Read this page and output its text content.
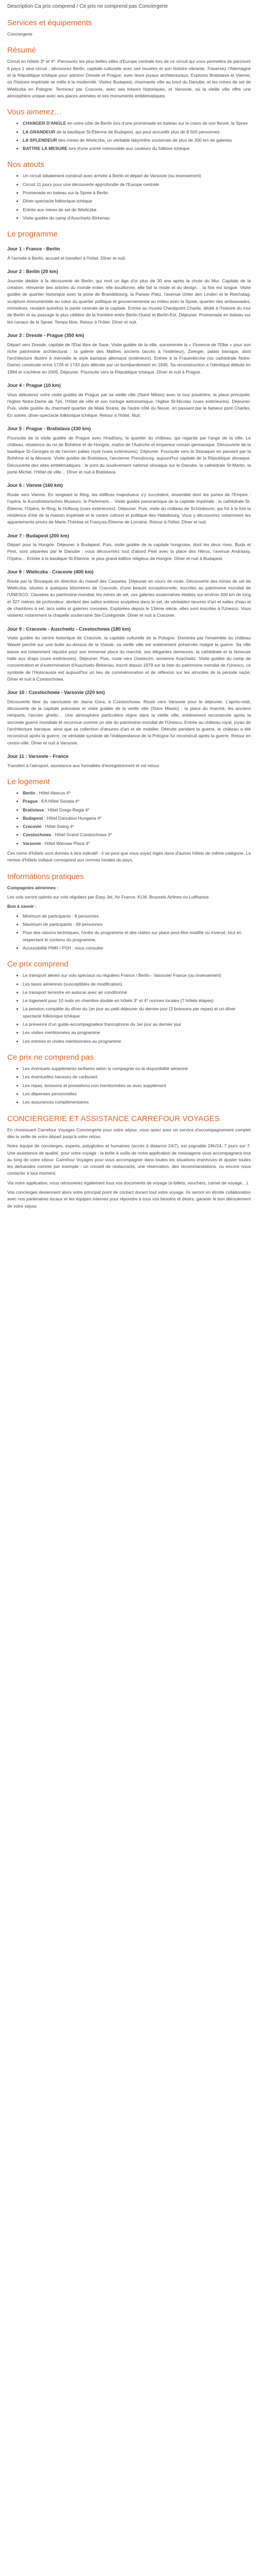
Description Ca pris comprend / Ce prix ne comprend pas Conciergerie
Services et équipements

Conciergerie

Résumé

Circuit en hôtels 3* et 4*. Parcourez les plus belles villes d'Europe centrale lors de ce circuit qui vous permettra de parcourir 6 pays 1 seul circuit ; découvrez Berlin, capitale culturelle avec ses musées et son histoire vibrante. Traversez l'Allemagne et la République tchèque pour admirer Dresde et Prague, avec leurs joyaux architecturaux. Explorez Bratislava et Vienne, où l'histoire impériale se mêle à la modernité. Visitez Budapest, charmante ville au bord du Danube, et les mines de sel de Wieliczka en Pologne. Terminez par Cracovie, avec ses trésors historiques, et Varsovie, où la vieille ville offre une atmosphère unique avec ses places animées et ses monuments emblématiques.

Vous aimerez…
• CHANGER D'ANGLE en votre-côte de Berlin lors d'une promenade en bateau sur le cours de son fleuve, la Spree
• LA GRANDEUR de la basilique St-Étienne de Budapest, qui peut accueillir plus de 8 500 personnes
• LA SPLENDEUR des mines de Wieliczka, un véritable labyrinthe souterrain de plus de 300 km de galeries
• BATTRE LA MESURE lors d'une soirée mémorable aux couleurs du folklore tchèque
Nos atouts
• Un circuit idéalement construit avec arrivée à Berlin et départ de Varsovie (ou inversement)
• Circuit 11 jours pour une découverte approfondie de l'Europe centrale
• Promenade en bateau sur la Spree à Berlin
• Dîner-spectacle folklorique tchèque
• Entrée aux mines de sel de Wieliczka
• Visite guidée du camp d'Auschwitz-Birkenau
Le programme
Jour 1 : France - Berlin

À l'arrivée à Berlin, accueil et transfert à l'hôtel. Dîner et nuit.

Jour 2 : Berlin (20 km)

Journée dédiée à la découverte de Berlin, qui revit un âge d'or plus de 30 ans après la chute du Mur. Capitale de la création, réinvente des artistes du monde entier, elle bouillonne, elle fait la mode et du design… la fois est longue. Visite guidée de quartier historique avec la porte de Brandebourg, la Pariser Platz, l'avenue Unter den Linden et le Reichstag, sculpture monumentale au cœur du quartier politique et gouvernemental au milieu avec la Spree, quartier des ambassades, ministères, rendant autrefois la partie centrale de la capitale. Entrée au musée Checkpoint Charlie, dédié à l'histoire du mur de Berlin et au passage le plus célèbre de la frontière entre Berlin-Ouest et Berlin-Est. Déjeuner. Promenade en bateau sur les canaux de la Spree. Temps libre. Retour à l'hôtel. Dîner et nuit.

Jour 3 : Dresde - Prague (350 km)

Départ vers Dresde, capitale de l'État libre de Saxe. Visite guidée de la ville, surnommée la « Florence de l'Elbe » pour son riche patrimoine architectural : la galerie des Maîtres anciens (accès à l'extérieur), Zwinger, palais baroque, dont l'architecture illustre à merveille le style baroque allemand (extérieurs). Entrée à la Frauenkirche (ou cathédrale Notre-Dame) construite entre 1726 et 1743 puis détruite par un bombardement en 1945. Sa reconstruction a l'identique débute en 1994 et s'achève en 2005. Déjeuner. Poursuite vers la République tchèque. Dîner et nuit à Prague.

Jour 4 : Prague (10 km)

Vous débuterez votre visite guidée de Prague par sa vieille ville (Staré Město) avec la tour poudrière, la place principale, l'église Notre-Dame de Týn, l'Hôtel de ville et son horloge astronomique, l'église St-Nicolas (vues extérieures). Déjeuner. Puis, visite guidée du charmant quartier de Malá Strana, de l'autre côté du fleuve, en passant par le fameux pont Charles. En soirée, dîner-spectacle folklorique tchèque. Retour à l'hôtel. Nuit.

Jour 5 : Prague - Bratislava (330 km)

Poursuite de la visite guidée de Prague avec Hradčany, le quartier du château, qui regarde par l'ange de la ville. Le château, résidence du roi de Bohême et de Hongrie, maître de l'Autriche et empereur romain germanique. Découverte de la basilique St-Georges et de l'ancien palais royal (vues extérieures). Déjeuner. Poursuite vers la Slovaquie en passant par la Bohême et la Moravie. Visite guidée de Bratislava, l'ancienne Pressbourg, aujourd'hui capitale de la République slovaque. Découverte des sites emblématiques : le pont du soulèvement national slovaque sur le Danube, la cathédrale St-Martin, la porte Michel, l'Hôtel de ville… Dîner et nuit à Bratislava.

Jour 6 : Vienne (160 km)

Route vers Vienne. En longeant le Ring, les édifices majestueux s'y succèdent, ensemble dont les portes de l'Empire : l'opéra, le Kunsthistorisches Museum, le Parlement… Visite guidée panoramique de la capitale impériale : la cathédrale St-Étienne, l'Opéra, le Ring, la Hofburg (vues extérieures). Déjeuner. Puis, visite du château de Schönbrunn, qui fut à la fois la résidence d'été de la maison impériale et le centre culturel et politique des Habsbourg. Vous y découvrirez notamment les appartements privés de Marie-Thérèse et François-Étienne de Lorraine. Retour à l'hôtel. Dîner et nuit.

Jour 7 : Budapest (200 km)

Départ pour la Hongrie. Déjeuner à Budapest. Puis, visite guidée de la capitale hongroise, dont les deux rives, Buda et Pest, sont séparées par le Danube : vous découvrirez tout d'abord Pest avec la place des Héros, l'avenue Andrássy, l'Opéra… Entrée à la basilique St-Étienne, le plus grand édifice religieux de Hongrie. Dîner et nuit à Budapest.

Jour 8 : Wieliczka - Cracovie (400 km)

Route par la Slovaquie en direction du massif des Carpates. Déjeuner en cours de route. Découverte des mines de sel de Wieliczka, situées à quelques kilomètres de Cracovie, d'une beauté exceptionnelle, inscrites au patrimoine mondial de l'UNESCO. Classées au patrimoine mondial, les mines de sel, ces galeries souterraines étalées sur environ 300 km de long et 327 mètres de profondeur, abritent des salles entières sculptées dans le sel, de véritables œuvres d'art et salles d'eau et de chambres à sel, lacs salés et galeries creusées. Explorées depuis le 13ème siècle, elles sont inscrites à l'Unesco. Vous visiterez notamment la chapelle souterraine Ste-Cunégonde. Dîner et nuit à Cracovie.

Jour 9 : Cracovie - Auschwitz - Czestochowa (180 km)

Visite guidée du centre historique de Cracovie, la capitale culturelle de la Pologne. Dominée par l'ensemble du château Wawel perché sur une butte au-dessus de la Vistule, sa vieille ville est entièrement préservée malgré la guerre. Sa ville basse est notamment réputée pour son immense place du marché, ses élégantes demeures, la cathédrale et la fameuse halle aux draps (vues extérieures). Déjeuner. Puis, route vers Oswiecim, ancienne Auschwitz. Visite guidée du camp de concentration et d'extermination d'Auschwitz-Birkenau, inscrit depuis 1979 sur la liste du patrimoine mondial de l'Unesco, ce symbole de l'Holocauste est aujourd'hui un lieu de commémoration et de réflexion sur les atrocités de la période nazie. Dîner et nuit à Czestochowa.

Jour 10 : Czestochowa - Varsovie (220 km)

Découverte libre du sanctuaire de Jasna Góra, à Czestochowa. Route vers Varsovie pour le déjeuner. L'après-midi, découverte de la capitale polonaise et visite guidée de la vieille ville (Stare Miasto) : la place du marché, les anciens remparts, l'ancien ghetto… Une atmosphère particulière règne dans la vieille ville, entièrement reconstruite après la seconde guerre mondiale et reconnue comme un site du patrimoine mondial de l'Unesco. Entrée au château royal, joyau de l'architecture baroque, ainsi que sa collection d'œuvres d'art et de mobilier. Détruite pendant la guerre, le château a été reconstruit après la guerre, ce véritable symbole de l'indépendance de la Pologne fut reconstruit après la guerre. Retour en centre-ville. Dîner et nuit à Varsovie.

Jour 11 : Varsovie - France

Transfert à l'aéroport, assistance aux formalités d'enregistrement et vol retour.

Le logement
• Berlin : Hôtel Abacus 4*
• Prague : EA Hôtel Sonata 4*
• Bratislava : Hôtel Gregs Regia 4*
• Budapest : Hôtel Danubius Hungaria 4*
• Cracovie : Hôtel Swing 4*
• Czestochowa : Hôtel Grand Czestochowa 3*
• Varsovie : Hôtel Warsaw Plaza 4*

Ces noms d'hôtels sont donnés à titre indicatif - il se peut que vous soyez logés dans d'autres hôtels de même catégorie. La remise d'hôtels indiqué correspond aux normes locales du pays.

Informations pratiques

Compagnies aériennes :

Les vols seront opérés sur vols réguliers par Easy Jet, Air France, KLM, Brussels Airlines ou Lufthansa

Bon à savoir :

• Minimum de participants : 8 personnes
• Maximum de participants : 49 personnes
• Pour des raisons techniques, l'ordre du programme et des visites sur place peut être modifié ou inversé, tout en respectant le contenu du programme.
• Accessibilité PMR / PSH : nous consulter
Ce prix comprend
• Le transport aérien sur vols spéciaux ou réguliers France / Berlin - Varsovie/ France (ou inversement)
• Les taxes aériennes (susceptibles de modification)
• Le transport terrestre en autocar avec air conditionné
• Le logement pour 10 nuits en chambre double en hôtels 3* et 4* normes locales (7 hôtels étapes)
• La pension complète du dîner du 1er jour au petit déjeuner du dernier jour (3 boissons par repas) et un dîner spectacle folklorique tchèque
• La présence d'un guide-accompagnateur francophone du 1er jour au dernier jour
• Les visites mentionnées au programme
• Les entrées et visites mentionnées au programme
Ce prix ne comprend pas
• Les éventuels suppléments tarifaires selon la compagnie ou la disponibilité aérienne
• Les éventuelles hausses de carburant
• Les repas, boissons et prestations non mentionnées ou avec supplément
• Les dépenses personnelles
• Les assurances complémentaires
CONCIERGERIE ET ASSISTANCE CARREFOUR VOYAGES

En choisissant Carrefour Voyages Conciergerie pour votre séjour, vous optez pour un service d'accompagnement complet dès la veille de votre départ jusqu'à votre retour.

Notre équipe de concierges, experts, polyglottes et humaines (accès à distance 24/7), est joignable 24h/24, 7 jours sur 7. Une assistance de qualité, pour votre voyage ; la boîte à outils de notre application de messagerie vous accompagnera tout au long de votre séjour. Carrefour Voyages pour vous accompagner dans toutes les situations imprévues et ajuster toutes les demandes comme par exemple : un conseil de restaurants, une réservation, des recommandations, ou encore nous contacter à tout moment.

Via notre application, vous retrouverez également tous vos documents de voyage (e-billets, vouchers, carnet de voyage…).

Vos concierges deviennent alors votre principal point de contact durant tout votre voyage. Ils seront en étroite collaboration avec nos partenaires locaux et les équipes internes pour répondre à tous vos besoins et désirs, garantir le bon déroulement de votre séjour.
